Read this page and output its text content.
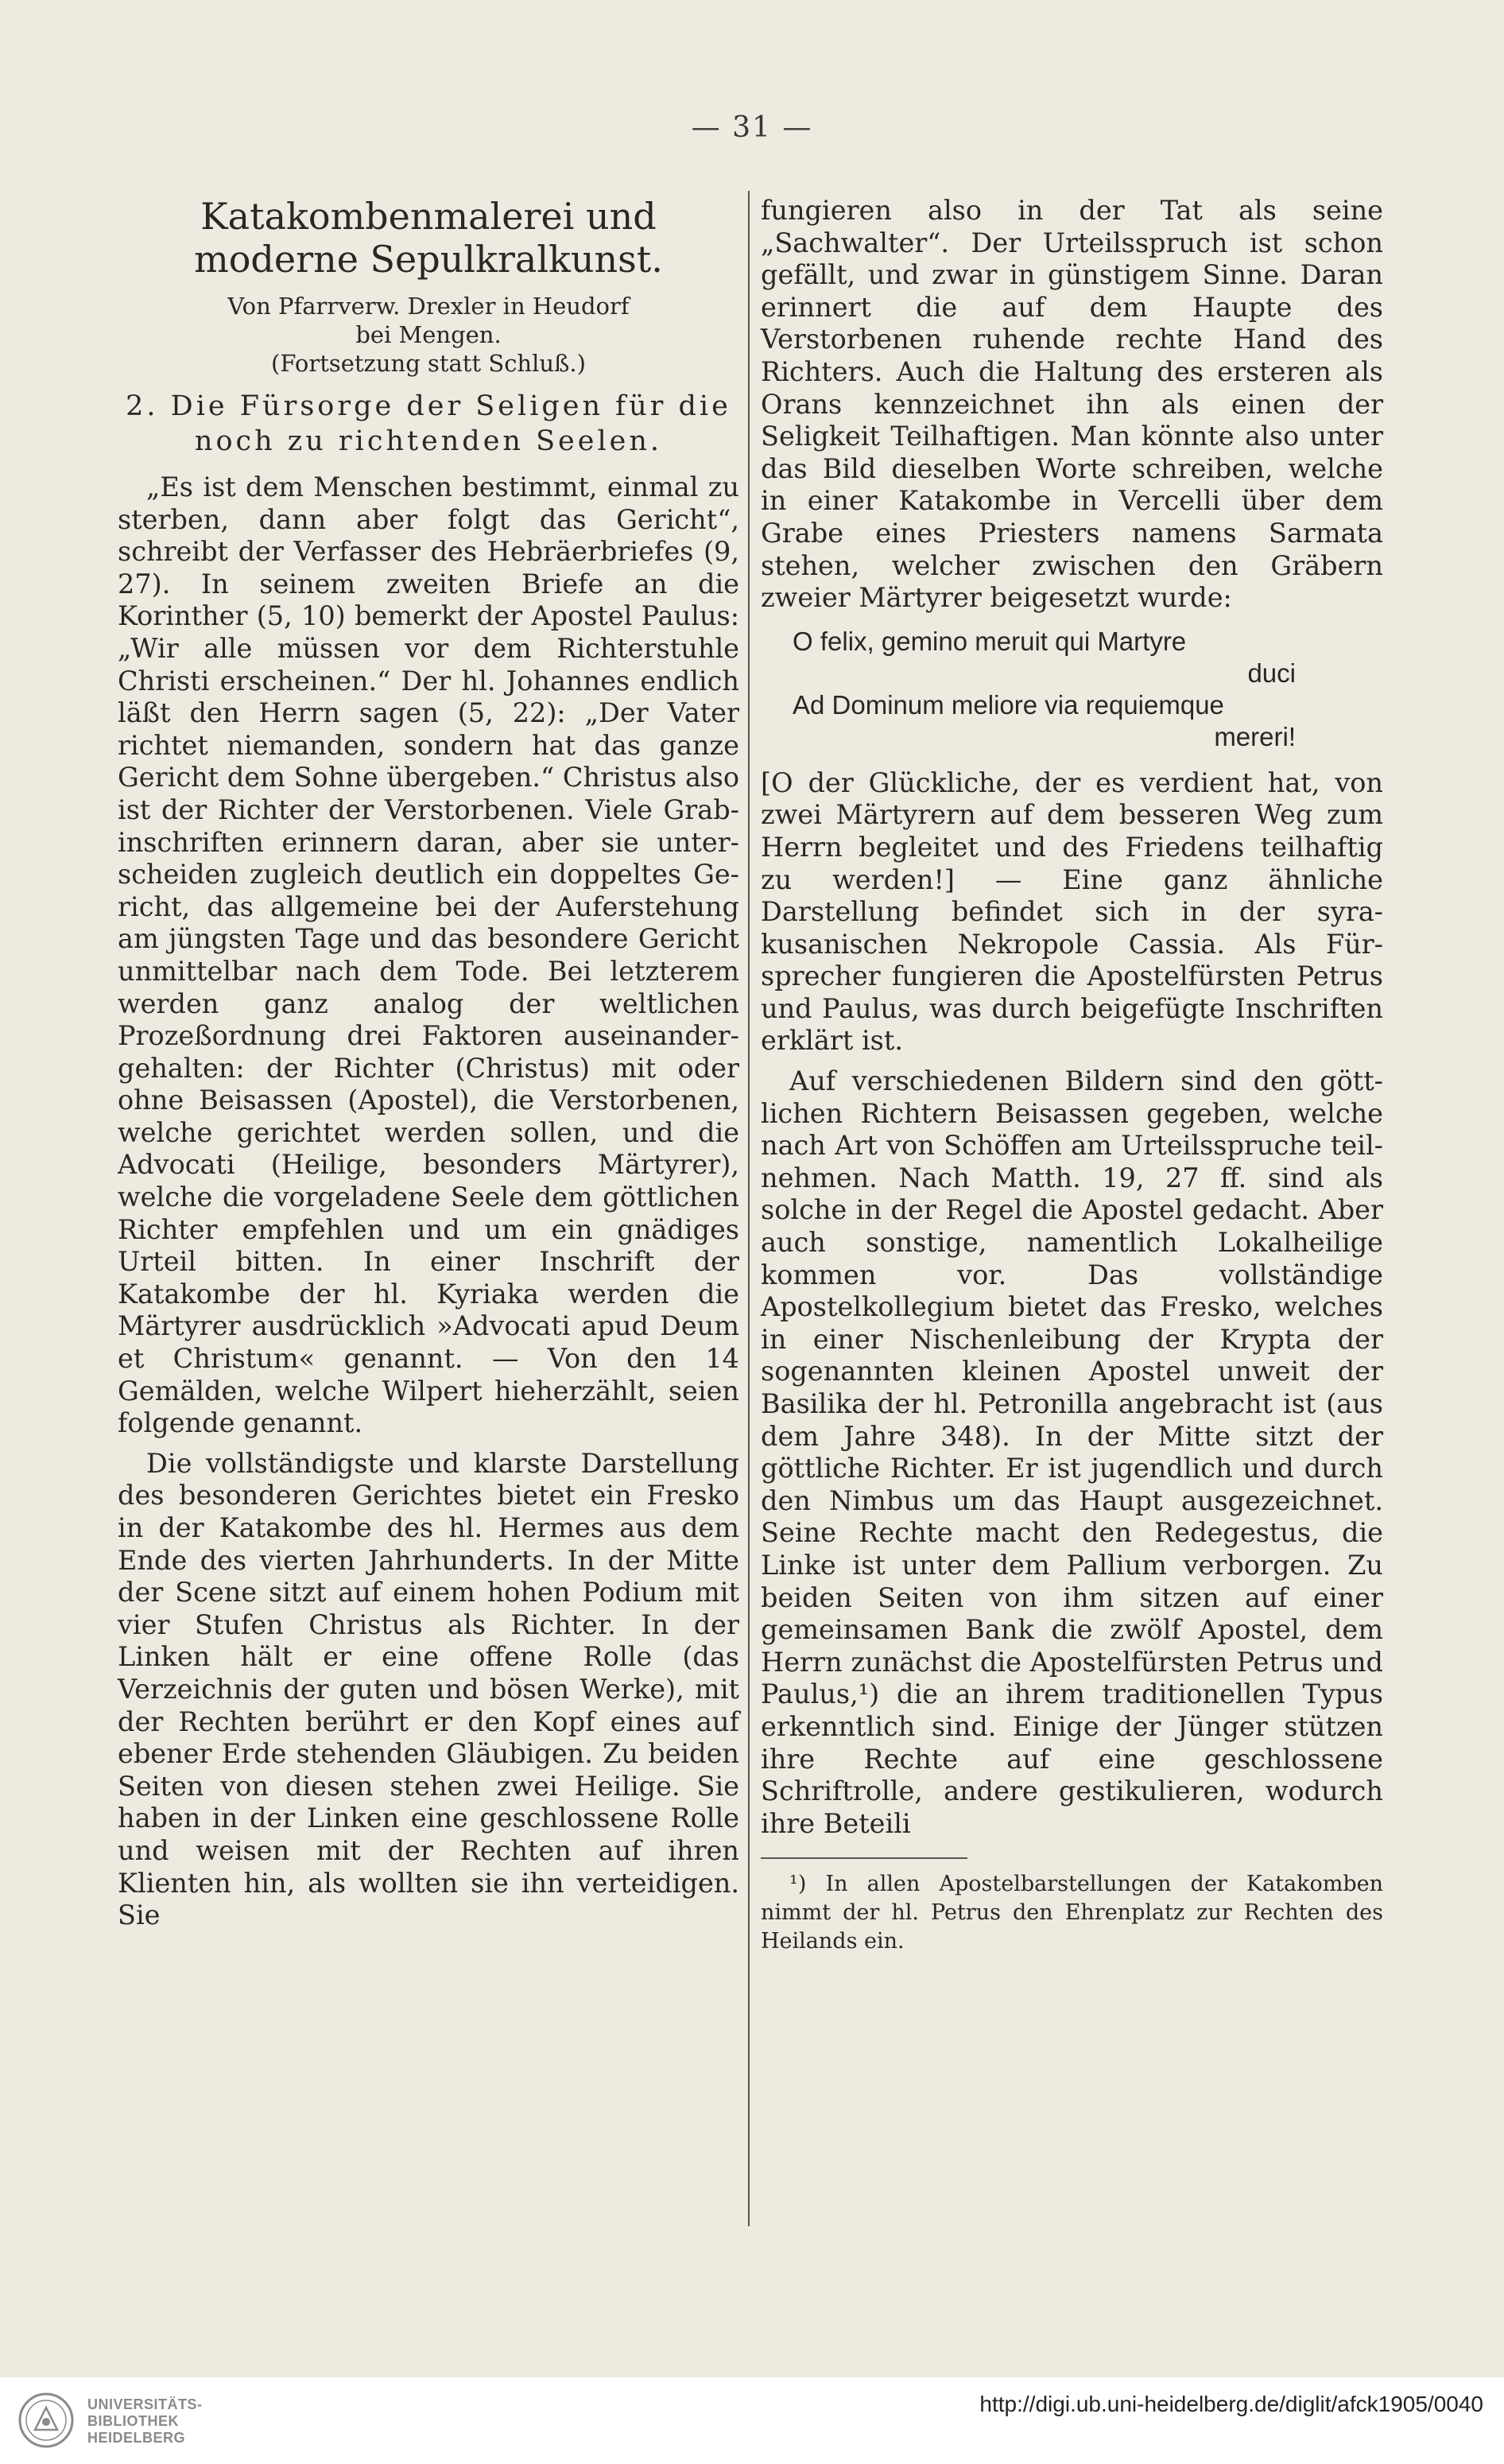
— 31 —
Katakombenmalerei und moderne Sepulkralkunst.

Von Pfarrverw. Drexler in Heudorf

bei Mengen.

(Fortsetzung statt Schluß.)

2. Die Fürsorge der Seligen für die noch zu richtenden Seelen.

„Es ist dem Menschen bestimmt, einmal zu sterben, dann aber folgt das Gericht“, schreibt der Verfasser des Hebräerbriefes (9, 27). In seinem zweiten Briefe an die Korinther (5, 10) bemerkt der Apostel Paulus: „Wir alle müssen vor dem Richterstuhle Christi erscheinen.“ Der hl. Johannes endlich läßt den Herrn sagen (5, 22): „Der Vater richtet niemanden, sondern hat das ganze Gericht dem Sohne übergeben.“ Christus also ist der Richter der Verstorbenen. Viele Grabinschriften erinnern daran, aber sie unterscheiden zugleich deutlich ein doppeltes Gericht, das allgemeine bei der Auferstehung am jüngsten Tage und das besondere Gericht unmittelbar nach dem Tode. Bei letzterem werden ganz analog der weltlichen Prozeßordnung drei Faktoren auseinandergehalten: der Richter (Christus) mit oder ohne Beisassen (Apostel), die Verstorbenen, welche gerichtet werden sollen, und die Advocati (Heilige, besonders Märtyrer), welche die vorgeladene Seele dem göttlichen Richter empfehlen und um ein gnädiges Urteil bitten. In einer Inschrift der Katakombe der hl. Kyriaka werden die Märtyrer ausdrücklich »Advocati apud Deum et Christum« genannt. — Von den 14 Gemälden, welche Wilpert hieherzählt, seien folgende genannt.

Die vollständigste und klarste Darstellung des besonderen Gerichtes bietet ein Fresko in der Katakombe des hl. Hermes aus dem Ende des vierten Jahrhunderts. In der Mitte der Scene sitzt auf einem hohen Podium mit vier Stufen Christus als Richter. In der Linken hält er eine offene Rolle (das Verzeichnis der guten und bösen Werke), mit der Rechten berührt er den Kopf eines auf ebener Erde stehenden Gläubigen. Zu beiden Seiten von diesen stehen zwei Heilige. Sie haben in der Linken eine geschlossene Rolle und weisen mit der Rechten auf ihren Klienten hin, als wollten sie ihn verteidigen. Sie

fungieren also in der Tat als seine „Sachwalter“. Der Urteilsspruch ist schon gefällt, und zwar in günstigem Sinne. Daran erinnert die auf dem Haupte des Verstorbenen ruhende rechte Hand des Richters. Auch die Haltung des ersteren als Orans kennzeichnet ihn als einen der Seligkeit Teilhaftigen. Man könnte also unter das Bild dieselben Worte schreiben, welche in einer Katakombe in Vercelli über dem Grabe eines Priesters namens Sarmata stehen, welcher zwischen den Gräbern zweier Märtyrer beigesetzt wurde:

O felix, gemino meruit qui Martyre

duci

Ad Dominum meliore via requiemque

mereri!

[O der Glückliche, der es verdient hat, von zwei Märtyrern auf dem besseren Weg zum Herrn begleitet und des Friedens teilhaftig zu werden!] — Eine ganz ähnliche Darstellung befindet sich in der syrakusanischen Nekropole Cassia. Als Fürsprecher fungieren die Apostelfürsten Petrus und Paulus, was durch beigefügte Inschriften erklärt ist.

Auf verschiedenen Bildern sind den göttlichen Richtern Beisassen gegeben, welche nach Art von Schöffen am Urteilsspruche teilnehmen. Nach Matth. 19, 27 ff. sind als solche in der Regel die Apostel gedacht. Aber auch sonstige, namentlich Lokalheilige kommen vor. Das vollständige Apostelkollegium bietet das Fresko, welches in einer Nischenleibung der Krypta der sogenannten kleinen Apostel unweit der Basilika der hl. Petronilla angebracht ist (aus dem Jahre 348). In der Mitte sitzt der göttliche Richter. Er ist jugendlich und durch den Nimbus um das Haupt ausgezeichnet. Seine Rechte macht den Redegestus, die Linke ist unter dem Pallium verborgen. Zu beiden Seiten von ihm sitzen auf einer gemeinsamen Bank die zwölf Apostel, dem Herrn zunächst die Apostelfürsten Petrus und Paulus,¹) die an ihrem traditionellen Typus erkenntlich sind. Einige der Jünger stützen ihre Rechte auf eine geschlossene Schriftrolle, andere gestikulieren, wodurch ihre Beteili

¹) In allen Apostelbarstellungen der Katakomben nimmt der hl. Petrus den Ehrenplatz zur Rechten des Heilands ein.

UNIVERSITÄTS-
BIBLIOTHEK
HEIDELBERG
http://digi.ub.uni-heidelberg.de/diglit/afck1905/0040
